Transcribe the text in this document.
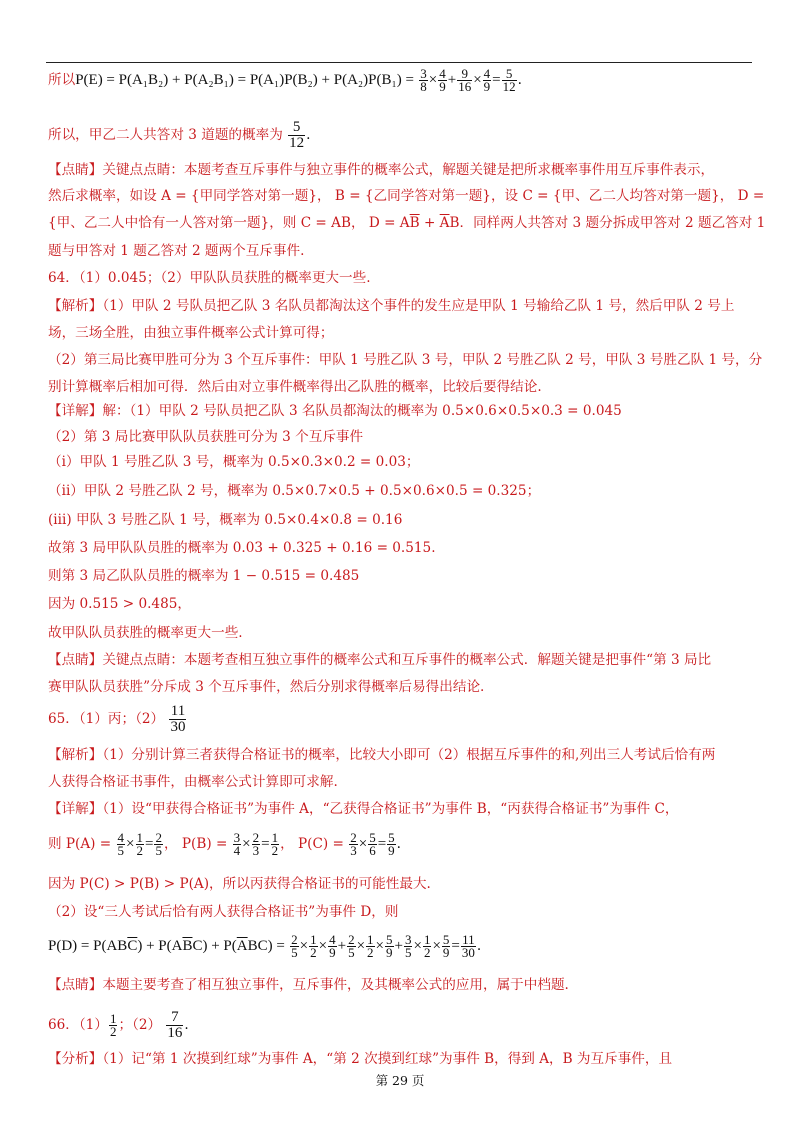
所以$P(E) = P(A_1B_2) + P(A_2B_1) = P(A_1)P(B_2) + P(A_2)P(B_1) = \frac{3}{8} \times \frac{4}{9} + \frac{9}{16} \times \frac{4}{9} = \frac{5}{12}$ .
所以，甲乙二人共答对 3 道题的概率为 $\frac{5}{12}$ .
【点睛】关键点点睛：本题考查互斥事件与独立事件的概率公式，解题关键是把所求概率事件用互斥事件表示，
然后求概率，如设 A = {甲同学答对第一题}， B = {乙同学答对第一题}，设 C = {甲、乙二人均答对第一题}， D =
{甲、乙二人中恰有一人答对第一题}，则 C = AB， $D = A\overline{B} + \overline{A}B$．同样两人共答对 3 题分拆成甲答对 2 题乙答对 1
题与甲答对 1 题乙答对 2 题两个互斥事件.
64．（1）0.045；（2）甲队队员获胜的概率更大一些.
【解析】（1）甲队 2 号队员把乙队 3 名队员都淘汰这个事件的发生应是甲队 1 号输给乙队 1 号，然后甲队 2 号上
场，三场全胜，由独立事件概率公式计算可得；
（2）第三局比赛甲胜可分为 3 个互斥事件：甲队 1 号胜乙队 3 号，甲队 2 号胜乙队 2 号，甲队 3 号胜乙队 1 号，分
别计算概率后相加可得．然后由对立事件概率得出乙队胜的概率，比较后要得结论.
【详解】解：（1）甲队 2 号队员把乙队 3 名队员都淘汰的概率为 0.5×0.6×0.5×0.3 = 0.045
（2）第 3 局比赛甲队队员获胜可分为 3 个互斥事件
（i）甲队 1 号胜乙队 3 号，概率为 0.5×0.3×0.2 = 0.03；
（ii）甲队 2 号胜乙队 2 号，概率为 0.5×0.7×0.5 + 0.5×0.6×0.5 = 0.325；
(iii) 甲队 3 号胜乙队 1 号，概率为 0.5×0.4×0.8 = 0.16
故第 3 局甲队队员胜的概率为 0.03 + 0.325 + 0.16 = 0.515.
则第 3 局乙队队员胜的概率为 1 − 0.515 = 0.485
因为 0.515 > 0.485，
故甲队队员获胜的概率更大一些.
【点睛】关键点点睛：本题考查相互独立事件的概率公式和互斥事件的概率公式．解题关键是把事件“第 3 局比
赛甲队队员获胜”分斥成 3 个互斥事件，然后分别求得概率后易得出结论.
65．（1）丙；$(2) \frac{11}{30}$
【解析】（1）分别计算三者获得合格证书的概率，比较大小即可（2）根据互斥事件的和,列出三人考试后恰有两
人获得合格证书事件，由概率公式计算即可求解.
【详解】（1）设“甲获得合格证书”为事件 A，“乙获得合格证书”为事件 B，“丙获得合格证书”为事件 C，
则 $P(A) = \frac{4}{5} \times \frac{1}{2} = \frac{2}{5}$ ， $P(B) = \frac{3}{4} \times \frac{2}{3} = \frac{1}{2}$ ， $P(C) = \frac{2}{3} \times \frac{5}{6} = \frac{5}{9}$ .
因为 P(C) > P(B) > P(A)，所以丙获得合格证书的可能性最大.
（2）设“三人考试后恰有两人获得合格证书”为事件 D，则
$P(D) = P(AB\overline{C}) + P(A\overline{B}C) + P(\overline{A}BC) = \frac{2}{5} \times \frac{1}{2} \times \frac{4}{9} + \frac{2}{5} \times \frac{1}{2} \times \frac{5}{9} + \frac{3}{5} \times \frac{1}{2} \times \frac{5}{9} = \frac{11}{30}$ .
【点睛】本题主要考查了相互独立事件，互斥事件，及其概率公式的应用，属于中档题.
66．$(1) \frac{1}{2}$ ；$(2) \frac{7}{16}$ .
【分析】（1）记“第 1 次摸到红球”为事件 A，“第 2 次摸到红球”为事件 B，得到 A，B 为互斥事件，且
第 29 页
